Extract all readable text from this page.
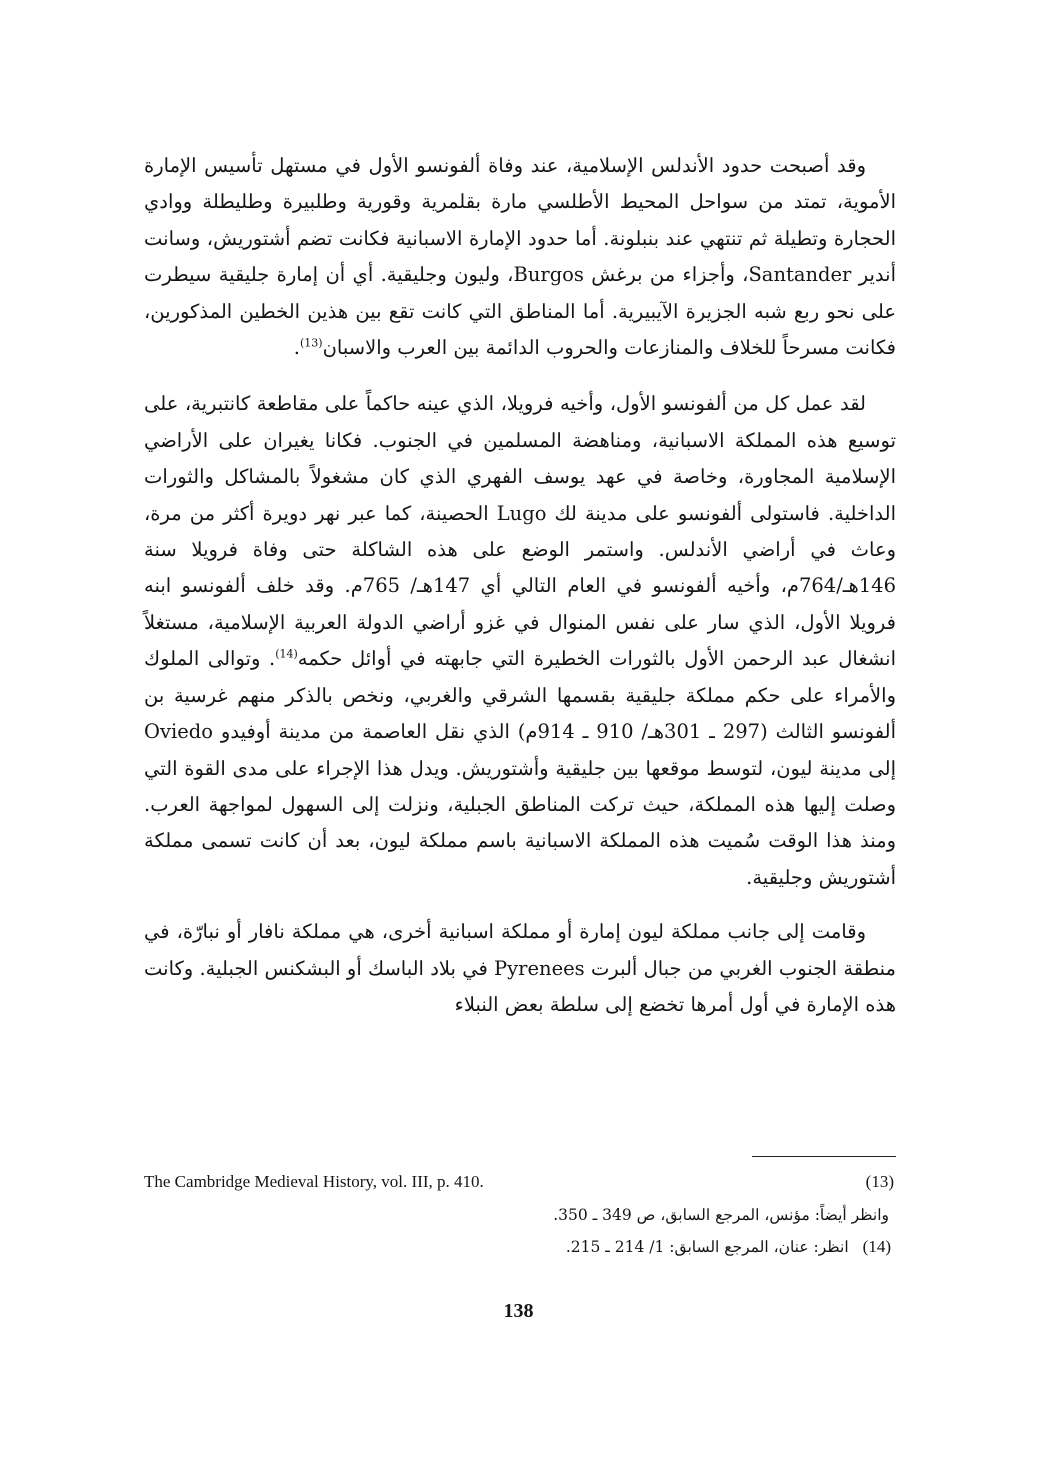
وقد أصبحت حدود الأندلس الإسلامية، عند وفاة ألفونسو الأول في مستهل تأسيس الإمارة الأموية، تمتد من سواحل المحيط الأطلسي مارة بقلمرية وقورية وطلبيرة وطليطلة ووادي الحجارة وتطيلة ثم تنتهي عند بنبلونة. أما حدود الإمارة الاسبانية فكانت تضم أشتوريش، وسانت أندير Santander، وأجزاء من برغش Burgos، وليون وجليقية. أي أن إمارة جليقية سيطرت على نحو ربع شبه الجزيرة الآيبيرية. أما المناطق التي كانت تقع بين هذين الخطين المذكورين، فكانت مسرحاً للخلاف والمنازعات والحروب الدائمة بين العرب والاسبان$^{(13)}$.

لقد عمل كل من ألفونسو الأول، وأخيه فرويلا، الذي عينه حاكماً على مقاطعة كانتبرية، على توسيع هذه المملكة الاسبانية، ومناهضة المسلمين في الجنوب. فكانا يغيران على الأراضي الإسلامية المجاورة، وخاصة في عهد يوسف الفهري الذي كان مشغولاً بالمشاكل والثورات الداخلية. فاستولى ألفونسو على مدينة لك Lugo الحصينة، كما عبر نهر دويرة أكثر من مرة، وعاث في أراضي الأندلس. واستمر الوضع على هذه الشاكلة حتى وفاة فرويلا سنة 146هـ/764م، وأخيه ألفونسو في العام التالي أي 147هـ/ 765م. وقد خلف ألفونسو ابنه فرويلا الأول، الذي سار على نفس المنوال في غزو أراضي الدولة العربية الإسلامية، مستغلاً انشغال عبد الرحمن الأول بالثورات الخطيرة التي جابهته في أوائل حكمه$^{(14)}$. وتوالى الملوك والأمراء على حكم مملكة جليقية بقسمها الشرقي والغربي، ونخص بالذكر منهم غرسية بن ألفونسو الثالث (297 ـ 301هـ/ 910 ـ 914م) الذي نقل العاصمة من مدينة أوفيدو Oviedo إلى مدينة ليون، لتوسط موقعها بين جليقية وأشتوريش. ويدل هذا الإجراء على مدى القوة التي وصلت إليها هذه المملكة، حيث تركت المناطق الجبلية، ونزلت إلى السهول لمواجهة العرب. ومنذ هذا الوقت سُميت هذه المملكة الاسبانية باسم مملكة ليون، بعد أن كانت تسمى مملكة أشتوريش وجليقية.

وقامت إلى جانب مملكة ليون إمارة أو مملكة اسبانية أخرى، هي مملكة نافار أو نبارّة، في منطقة الجنوب الغربي من جبال ألبرت Pyrenees في بلاد الباسك أو البشكنس الجبلية. وكانت هذه الإمارة في أول أمرها تخضع إلى سلطة بعض النبلاء

The Cambridge Medieval History, vol. III, p. 410.	(13)
وانظر أيضاً: مؤنس، المرجع السابق، ص 349 ـ 350.
(14)انظر: عنان، المرجع السابق: 1/ 214 ـ 215.
138
